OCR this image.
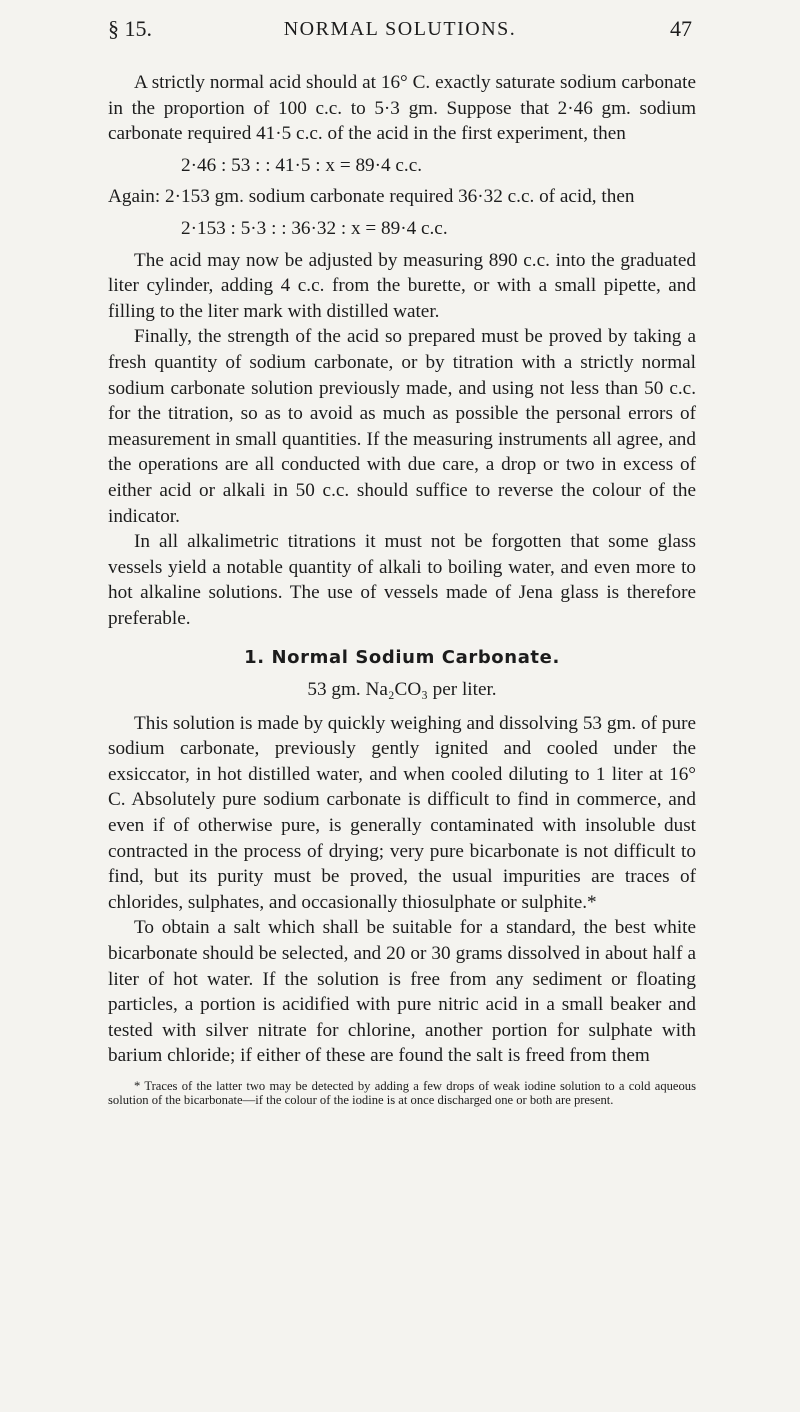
§ 15.	NORMAL SOLUTIONS.	47

A strictly normal acid should at 16° C. exactly saturate sodium carbonate in the proportion of 100 c.c. to 5·3 gm. Suppose that 2·46 gm. sodium carbonate required 41·5 c.c. of the acid in the first experiment, then

2·46 : 53 : : 41·5 : x = 89·4 c.c.

Again: 2·153 gm. sodium carbonate required 36·32 c.c. of acid, then

2·153 : 5·3 : : 36·32 : x = 89·4 c.c.

The acid may now be adjusted by measuring 890 c.c. into the graduated liter cylinder, adding 4 c.c. from the burette, or with a small pipette, and filling to the liter mark with distilled water.

Finally, the strength of the acid so prepared must be proved by taking a fresh quantity of sodium carbonate, or by titration with a strictly normal sodium carbonate solution previously made, and using not less than 50 c.c. for the titration, so as to avoid as much as possible the personal errors of measurement in small quantities. If the measuring instruments all agree, and the operations are all conducted with due care, a drop or two in excess of either acid or alkali in 50 c.c. should suffice to reverse the colour of the indicator.

In all alkalimetric titrations it must not be forgotten that some glass vessels yield a notable quantity of alkali to boiling water, and even more to hot alkaline solutions. The use of vessels made of Jena glass is therefore preferable.

1. Normal Sodium Carbonate.

53 gm. Na₂CO₃ per liter.

This solution is made by quickly weighing and dissolving 53 gm. of pure sodium carbonate, previously gently ignited and cooled under the exsiccator, in hot distilled water, and when cooled diluting to 1 liter at 16° C. Absolutely pure sodium carbonate is difficult to find in commerce, and even if of otherwise pure, is generally contaminated with insoluble dust contracted in the process of drying; very pure bicarbonate is not difficult to find, but its purity must be proved, the usual impurities are traces of chlorides, sulphates, and occasionally thiosulphate or sulphite.*

To obtain a salt which shall be suitable for a standard, the best white bicarbonate should be selected, and 20 or 30 grams dissolved in about half a liter of hot water. If the solution is free from any sediment or floating particles, a portion is acidified with pure nitric acid in a small beaker and tested with silver nitrate for chlorine, another portion for sulphate with barium chloride; if either of these are found the salt is freed from them

* Traces of the latter two may be detected by adding a few drops of weak iodine solution to a cold aqueous solution of the bicarbonate—if the colour of the iodine is at once discharged one or both are present.
